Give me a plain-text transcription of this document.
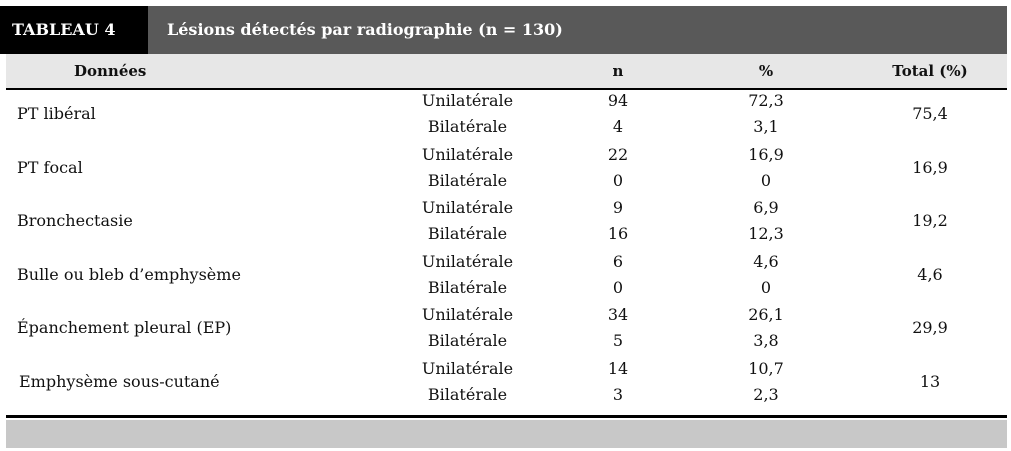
TABLEAU 4	Lésions détectés par radiographie (n = 130)
Données	n	%	Total (%)
PT libéral	75,4
Unilatérale	94	72,3
Bilatérale	4	3,1
PT focal	16,9
Unilatérale	22	16,9
Bilatérale	0	0
Bronchectasie	19,2
Unilatérale	9	6,9
Bilatérale	16	12,3
Bulle ou bleb d’emphysème	4,6
Unilatérale	6	4,6
Bilatérale	0	0
Épanchement pleural (EP)	29,9
Unilatérale	34	26,1
Bilatérale	5	3,8
Emphysème sous-cutané	13
Unilatérale	14	10,7
Bilatérale	3	2,3
